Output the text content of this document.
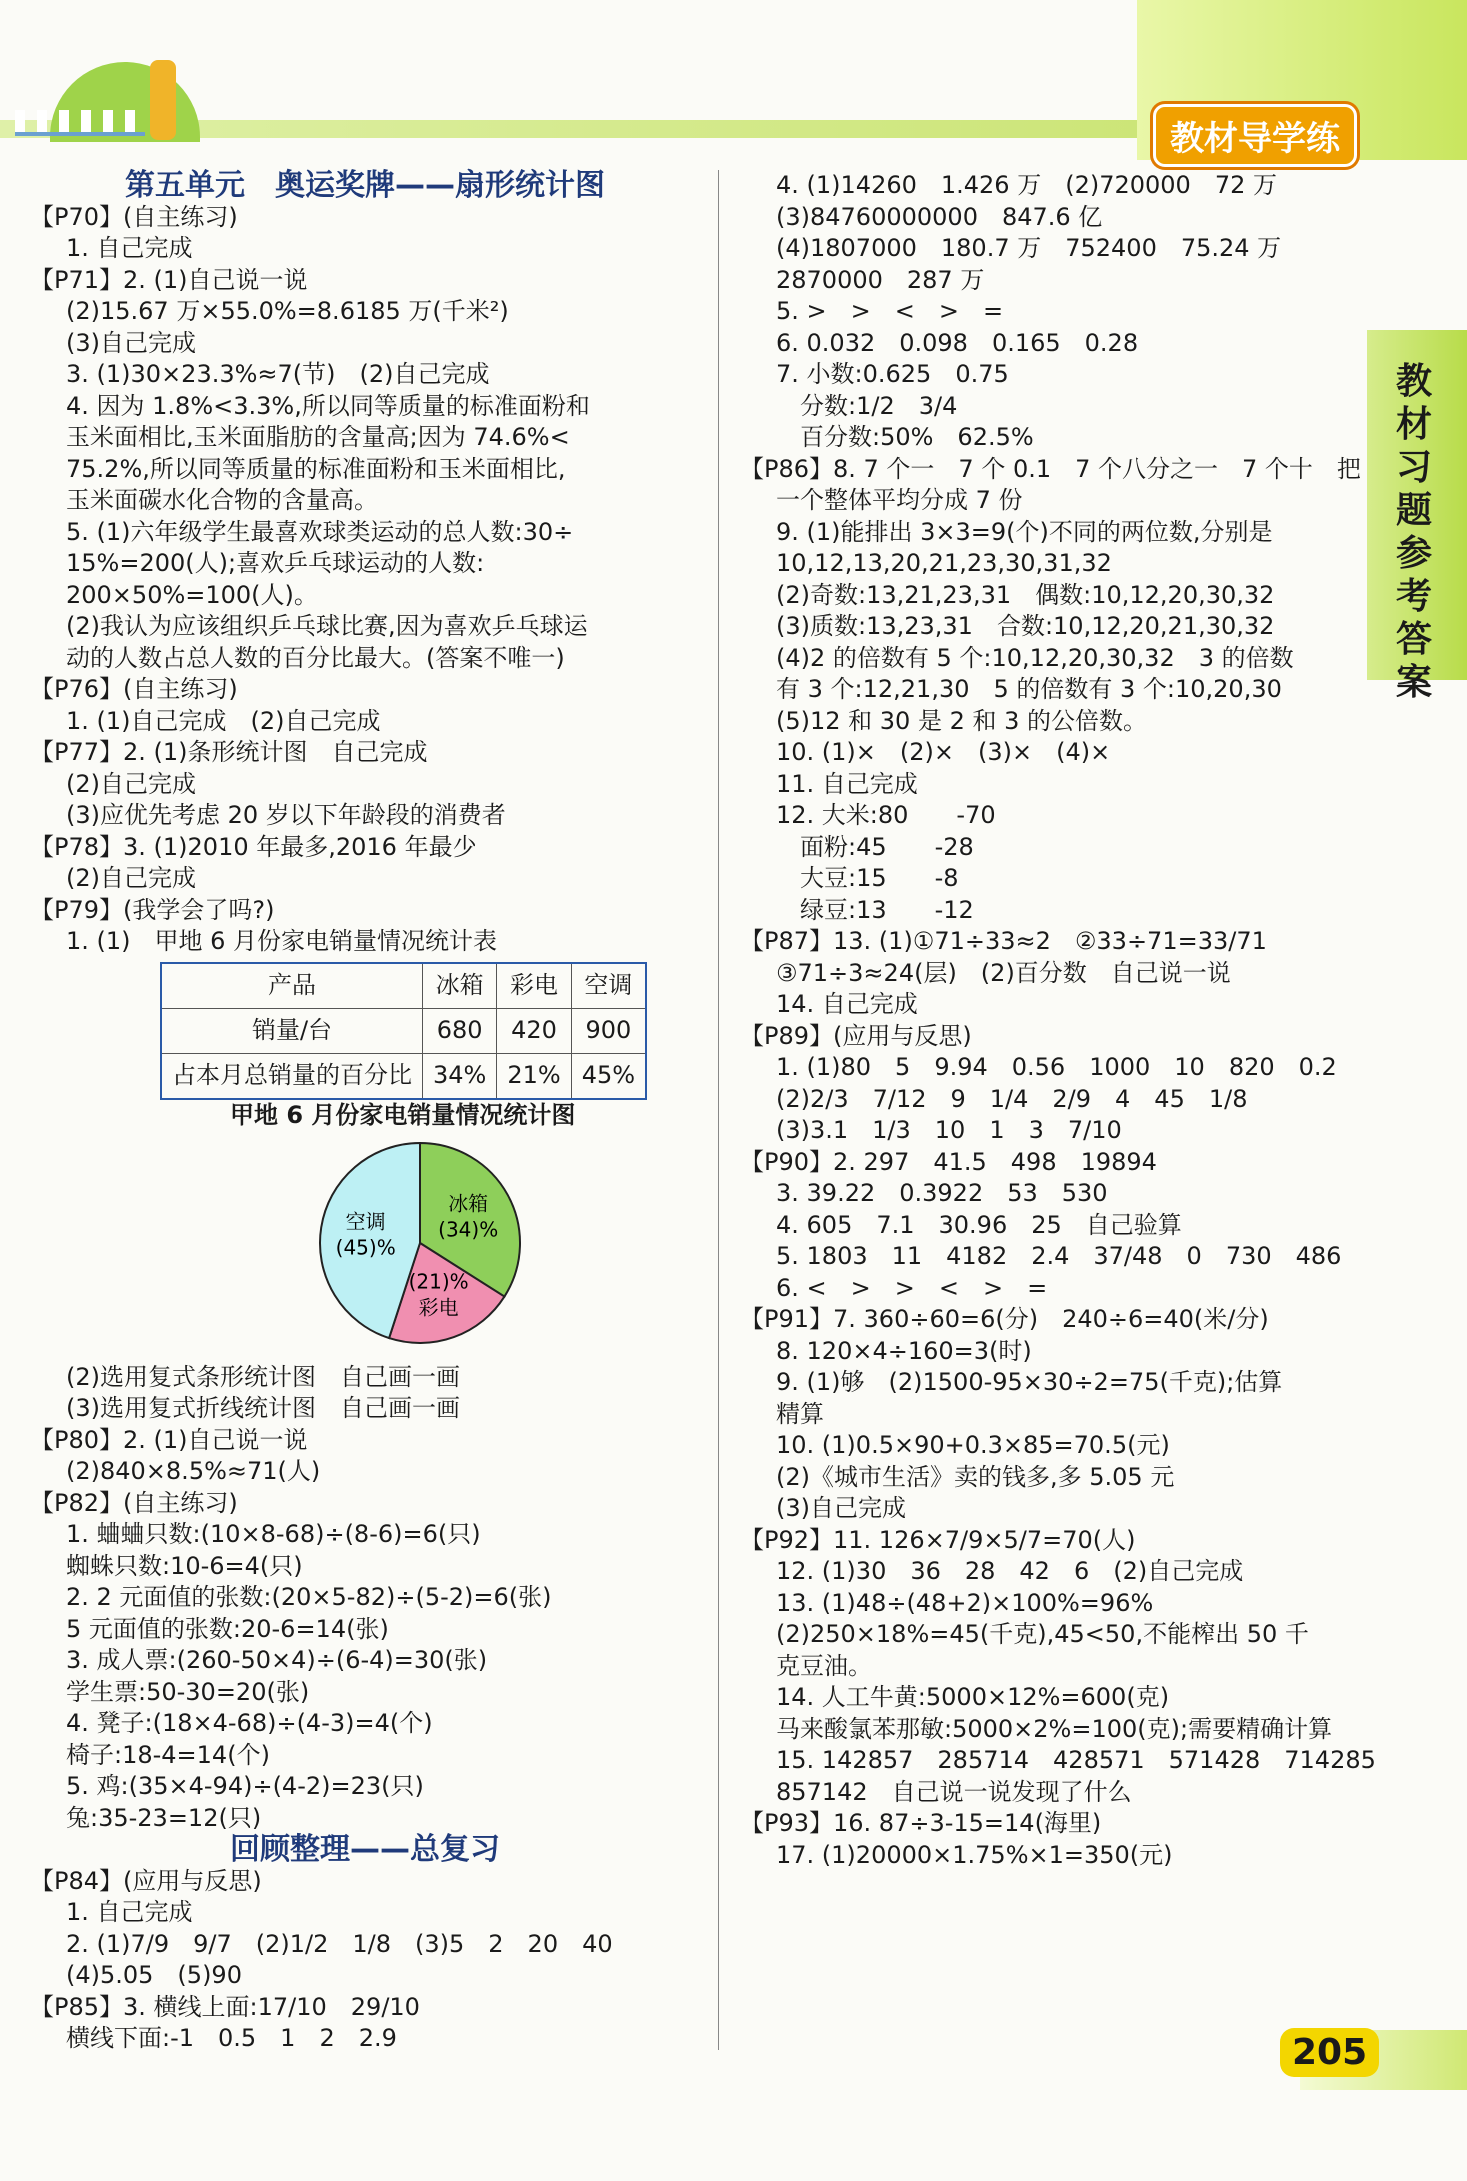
教材导学练
教材习题参考答案
第五单元　奥运奖牌——扇形统计图
【P70】(自主练习)
1. 自己完成
【P71】2. (1)自己说一说
(2)15.67 万×55.0%=8.6185 万(千米²)
(3)自己完成
3. (1)30×23.3%≈7(节)　(2)自己完成
4. 因为 1.8%<3.3%,所以同等质量的标准面粉和
玉米面相比,玉米面脂肪的含量高;因为 74.6%<
75.2%,所以同等质量的标准面粉和玉米面相比,
玉米面碳水化合物的含量高。
5. (1)六年级学生最喜欢球类运动的总人数:30÷
15%=200(人);喜欢乒乓球运动的人数:
200×50%=100(人)。
(2)我认为应该组织乒乓球比赛,因为喜欢乒乓球运
动的人数占总人数的百分比最大。(答案不唯一)
【P76】(自主练习)
1. (1)自己完成　(2)自己完成
【P77】2. (1)条形统计图　自己完成
(2)自己完成
(3)应优先考虑 20 岁以下年龄段的消费者
【P78】3. (1)2010 年最多,2016 年最少
(2)自己完成
【P79】(我学会了吗?)
1. (1)　甲地 6 月份家电销量情况统计表
产品	冰箱	彩电	空调
销量/台	680	420	900
占本月总销量的百分比	34%	21%	45%
甲地 6 月份家电销量情况统计图
冰箱
(34)%
彩电
(21)%
空调
(45)%
(2)选用复式条形统计图　自己画一画
(3)选用复式折线统计图　自己画一画
【P80】2. (1)自己说一说
(2)840×8.5%≈71(人)
【P82】(自主练习)
1. 蛐蛐只数:(10×8-68)÷(8-6)=6(只)
蜘蛛只数:10-6=4(只)
2. 2 元面值的张数:(20×5-82)÷(5-2)=6(张)
5 元面值的张数:20-6=14(张)
3. 成人票:(260-50×4)÷(6-4)=30(张)
学生票:50-30=20(张)
4. 凳子:(18×4-68)÷(4-3)=4(个)
椅子:18-4=14(个)
5. 鸡:(35×4-94)÷(4-2)=23(只)
兔:35-23=12(只)
回顾整理——总复习
【P84】(应用与反思)
1. 自己完成
2. (1)7/9　9/7　(2)1/2　1/8　(3)5　2　20　40
(4)5.05　(5)90
【P85】3. 横线上面:17/10　29/10
横线下面:-1　0.5　1　2　2.9
4. (1)14260　1.426 万　(2)720000　72 万
(3)84760000000　847.6 亿
(4)1807000　180.7 万　752400　75.24 万
2870000　287 万
5. >　>　<　>　=
6. 0.032　0.098　0.165　0.28
7. 小数:0.625　0.75
分数:1/2　3/4
百分数:50%　62.5%
【P86】8. 7 个一　7 个 0.1　7 个八分之一　7 个十　把
一个整体平均分成 7 份
9. (1)能排出 3×3=9(个)不同的两位数,分别是
10,12,13,20,21,23,30,31,32
(2)奇数:13,21,23,31　偶数:10,12,20,30,32
(3)质数:13,23,31　合数:10,12,20,21,30,32
(4)2 的倍数有 5 个:10,12,20,30,32　3 的倍数
有 3 个:12,21,30　5 的倍数有 3 个:10,20,30
(5)12 和 30 是 2 和 3 的公倍数。
10. (1)×　(2)×　(3)×　(4)×
11. 自己完成
12. 大米:80　　-70
面粉:45　　-28
大豆:15　　-8
绿豆:13　　-12
【P87】13. (1)①71÷33≈2　②33÷71=33/71
③71÷3≈24(层)　(2)百分数　自己说一说
14. 自己完成
【P89】(应用与反思)
1. (1)80　5　9.94　0.56　1000　10　820　0.2
(2)2/3　7/12　9　1/4　2/9　4　45　1/8
(3)3.1　1/3　10　1　3　7/10
【P90】2. 297　41.5　498　19894
3. 39.22　0.3922　53　530
4. 605　7.1　30.96　25　自己验算
5. 1803　11　4182　2.4　37/48　0　730　486
6. <　>　>　<　>　=
【P91】7. 360÷60=6(分)　240÷6=40(米/分)
8. 120×4÷160=3(时)
9. (1)够　(2)1500-95×30÷2=75(千克);估算
精算
10. (1)0.5×90+0.3×85=70.5(元)
(2)《城市生活》卖的钱多,多 5.05 元
(3)自己完成
【P92】11. 126×7/9×5/7=70(人)
12. (1)30　36　28　42　6　(2)自己完成
13. (1)48÷(48+2)×100%=96%
(2)250×18%=45(千克),45<50,不能榨出 50 千
克豆油。
14. 人工牛黄:5000×12%=600(克)
马来酸氯苯那敏:5000×2%=100(克);需要精确计算
15. 142857　285714　428571　571428　714285
857142　自己说一说发现了什么
【P93】16. 87÷3-15=14(海里)
17. (1)20000×1.75%×1=350(元)
205
